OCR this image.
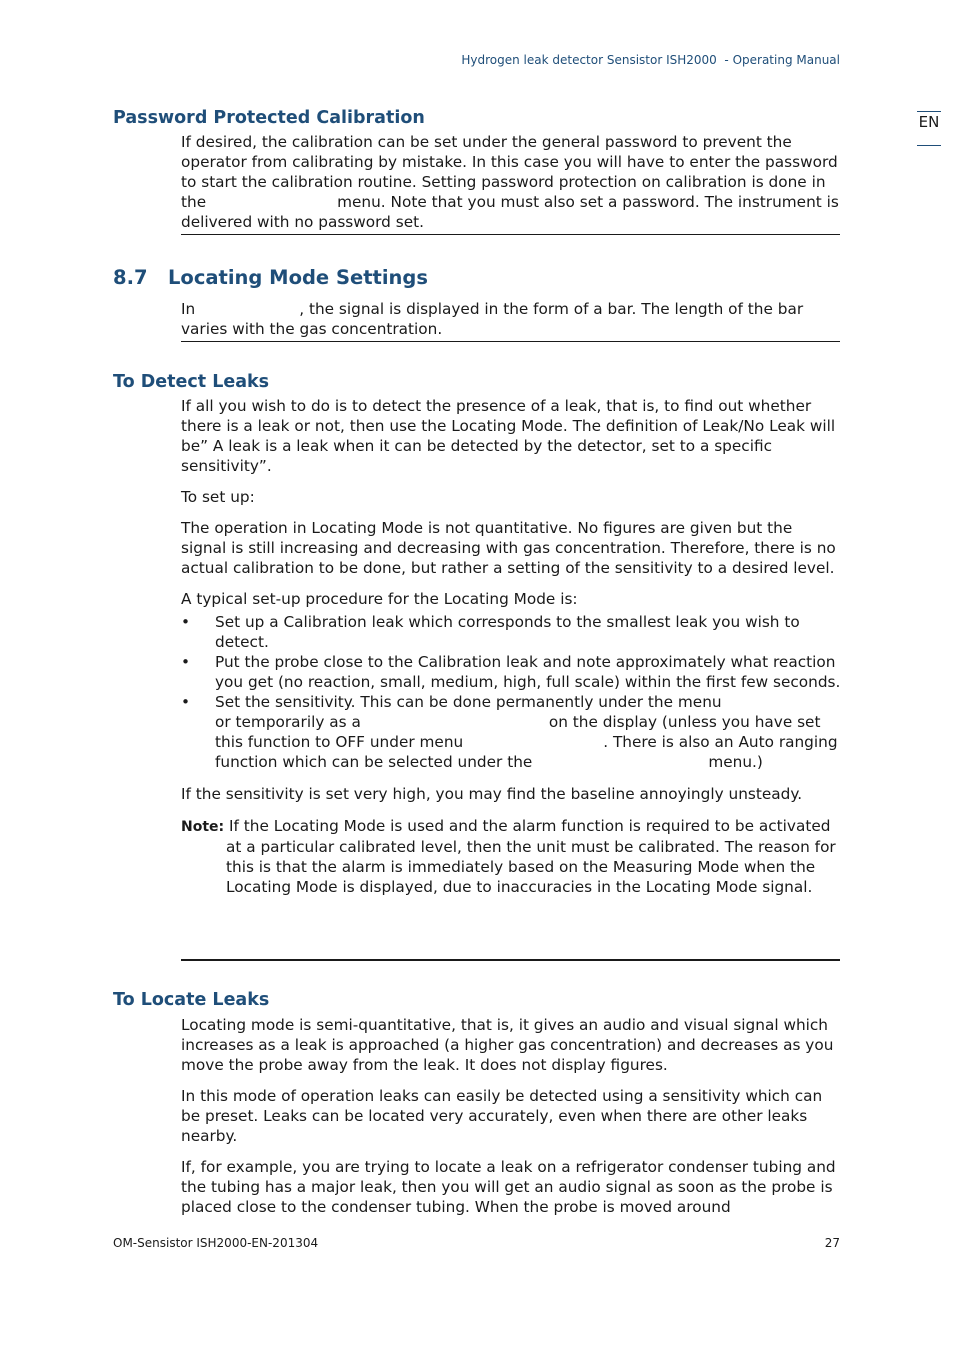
Hydrogen leak detector Sensistor ISH2000  - Operating Manual
EN
Password Protected Calibration

If desired, the calibration can be set under the general password to prevent the operator from calibrating by mistake. In this case you will have to enter the password to start the calibration routine. Setting password protection on calibration is done in the	menu. Note that you must also set a password. The instrument is delivered with no password set.

8.7 Locating Mode Settings

In	, the signal is displayed in the form of a bar. The length of the bar varies with the gas concentration.

To Detect Leaks

If all you wish to do is to detect the presence of a leak, that is, to find out whether there is a leak or not, then use the Locating Mode. The definition of Leak/No Leak will be” A leak is a leak when it can be detected by the detector, set to a specific sensitivity”.

To set up:

The operation in Locating Mode is not quantitative. No figures are given but the signal is still increasing and decreasing with gas concentration. Therefore, there is no actual calibration to be done, but rather a setting of the sensitivity to a desired level.

A typical set-up procedure for the Locating Mode is:

• Set up a Calibration leak which corresponds to the smallest leak you wish to detect.
• Put the probe close to the Calibration leak and note approximately what reaction you get (no reaction, small, medium, high, full scale) within the first few seconds.
• Set the sensitivity. This can be done permanently under the menu
or temporarily as a	on the display (unless you have set this function to OFF under menu	. There is also an Auto ranging function which can be selected under the	menu.)

If the sensitivity is set very high, you may find the baseline annoyingly unsteady.

Note: If the Locating Mode is used and the alarm function is required to be activated at a particular calibrated level, then the unit must be calibrated. The reason for this is that the alarm is immediately based on the Measuring Mode when the Locating Mode is displayed, due to inaccuracies in the Locating Mode signal.

To Locate Leaks

Locating mode is semi-quantitative, that is, it gives an audio and visual signal which increases as a leak is approached (a higher gas concentration) and decreases as you move the probe away from the leak. It does not display figures.

In this mode of operation leaks can easily be detected using a sensitivity which can be preset. Leaks can be located very accurately, even when there are other leaks nearby.

If, for example, you are trying to locate a leak on a refrigerator condenser tubing and the tubing has a major leak, then you will get an audio signal as soon as the probe is placed close to the condenser tubing. When the probe is moved around

OM-Sensistor ISH2000-EN-201304	27
